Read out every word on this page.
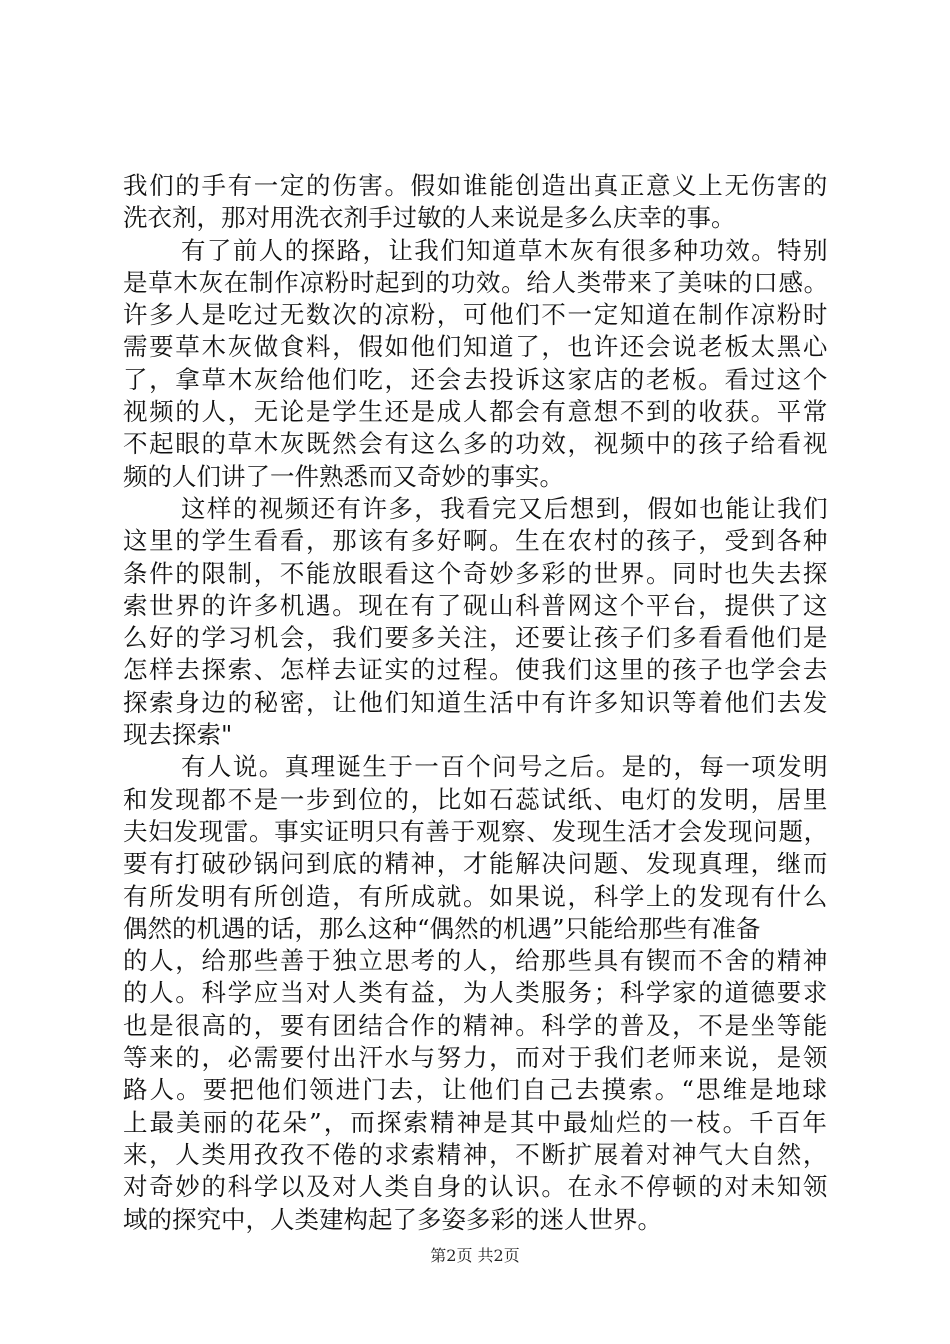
我们的手有一定的伤害。假如谁能创造出真正意义上无伤害的
洗衣剂，那对用洗衣剂手过敏的人来说是多么庆幸的事。
有了前人的探路，让我们知道草木灰有很多种功效。特别
是草木灰在制作凉粉时起到的功效。给人类带来了美味的口感。
许多人是吃过无数次的凉粉，可他们不一定知道在制作凉粉时
需要草木灰做食料，假如他们知道了，也许还会说老板太黑心
了，拿草木灰给他们吃，还会去投诉这家店的老板。看过这个
视频的人，无论是学生还是成人都会有意想不到的收获。平常
不起眼的草木灰既然会有这么多的功效，视频中的孩子给看视
频的人们讲了一件熟悉而又奇妙的事实。
这样的视频还有许多，我看完又后想到，假如也能让我们
这里的学生看看，那该有多好啊。生在农村的孩子，受到各种
条件的限制，不能放眼看这个奇妙多彩的世界。同时也失去探
索世界的许多机遇。现在有了砚山科普网这个平台，提供了这
么好的学习机会，我们要多关注，还要让孩子们多看看他们是
怎样去探索、怎样去证实的过程。使我们这里的孩子也学会去
探索身边的秘密，让他们知道生活中有许多知识等着他们去发
现去探索"
有人说。真理诞生于一百个问号之后。是的，每一项发明
和发现都不是一步到位的，比如石蕊试纸、电灯的发明，居里
夫妇发现雷。事实证明只有善于观察、发现生活才会发现问题，
要有打破砂锅问到底的精神，才能解决问题、发现真理，继而
有所发明有所创造，有所成就。如果说，科学上的发现有什么
偶然的机遇的话，那么这种“偶然的机遇”只能给那些有准备
的人，给那些善于独立思考的人，给那些具有锲而不舍的精神
的人。科学应当对人类有益，为人类服务；科学家的道德要求
也是很高的，要有团结合作的精神。科学的普及，不是坐等能
等来的，必需要付出汗水与努力，而对于我们老师来说，是领
路人。要把他们领进门去，让他们自己去摸索。“思维是地球
上最美丽的花朵”，而探索精神是其中最灿烂的一枝。千百年
来，人类用孜孜不倦的求索精神，不断扩展着对神气大自然，
对奇妙的科学以及对人类自身的认识。在永不停顿的对未知领
域的探究中，人类建构起了多姿多彩的迷人世界。
第2页 共2页
